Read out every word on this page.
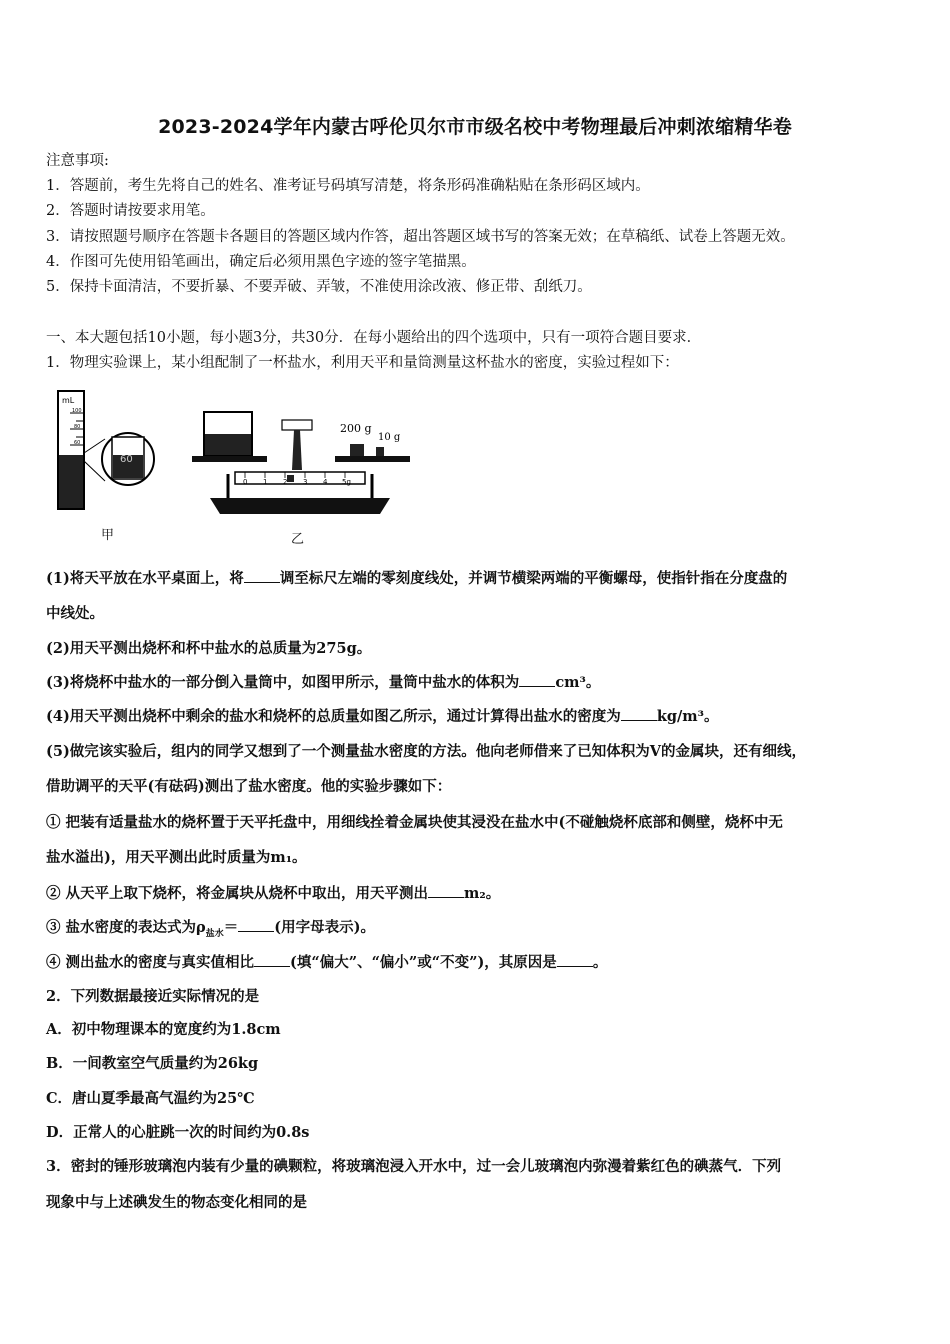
2023-2024学年内蒙古呼伦贝尔市市级名校中考物理最后冲刺浓缩精华卷
注意事项:
1．答题前，考生先将自己的姓名、准考证号码填写清楚，将条形码准确粘贴在条形码区域内。
2．答题时请按要求用笔。
3．请按照题号顺序在答题卡各题目的答题区域内作答，超出答题区域书写的答案无效；在草稿纸、试卷上答题无效。
4．作图可先使用铅笔画出，确定后必须用黑色字迹的签字笔描黑。
5．保持卡面清洁，不要折暴、不要弄破、弄皱，不准使用涂改液、修正带、刮纸刀。
一、本大题包括10小题，每小题3分，共30分．在每小题给出的四个选项中，只有一项符合题目要求．
1．物理实验课上，某小组配制了一杯盐水，利用天平和量筒测量这杯盐水的密度，实验过程如下：
mL
100
80
60
60
甲
200 g
10 g
0 1 2 3 4 5g
乙
(1)将天平放在水平桌面上，将 调至标尺左端的零刻度线处，并调节横梁两端的平衡螺母，使指针指在分度盘的
中线处。
(2)用天平测出烧杯和杯中盐水的总质量为275g。
(3)将烧杯中盐水的一部分倒入量筒中，如图甲所示，量筒中盐水的体积为 cm³。
(4)用天平测出烧杯中剩余的盐水和烧杯的总质量如图乙所示，通过计算得出盐水的密度为 kg/m³。
(5)做完该实验后，组内的同学又想到了一个测量盐水密度的方法。他向老师借来了已知体积为V的金属块，还有细线，
借助调平的天平(有砝码)测出了盐水密度。他的实验步骤如下：
① 把装有适量盐水的烧杯置于天平托盘中，用细线拴着金属块使其浸没在盐水中(不碰触烧杯底部和侧壁，烧杯中无
盐水溢出)，用天平测出此时质量为m₁。
② 从天平上取下烧杯，将金属块从烧杯中取出，用天平测出 m₂。
③ 盐水密度的表达式为$\rho_{盐水}=$ (用字母表示)。
④ 测出盐水的密度与真实值相比 (填“偏大”、“偏小”或“不变”)，其原因是 。
2．下列数据最接近实际情况的是
A．初中物理课本的宽度约为1.8cm
B．一间教室空气质量约为26kg
C．唐山夏季最高气温约为25℃
D．正常人的心脏跳一次的时间约为0.8s
3．密封的锤形玻璃泡内装有少量的碘颗粒，将玻璃泡浸入开水中，过一会儿玻璃泡内弥漫着紫红色的碘蒸气．下列
现象中与上述碘发生的物态变化相同的是
